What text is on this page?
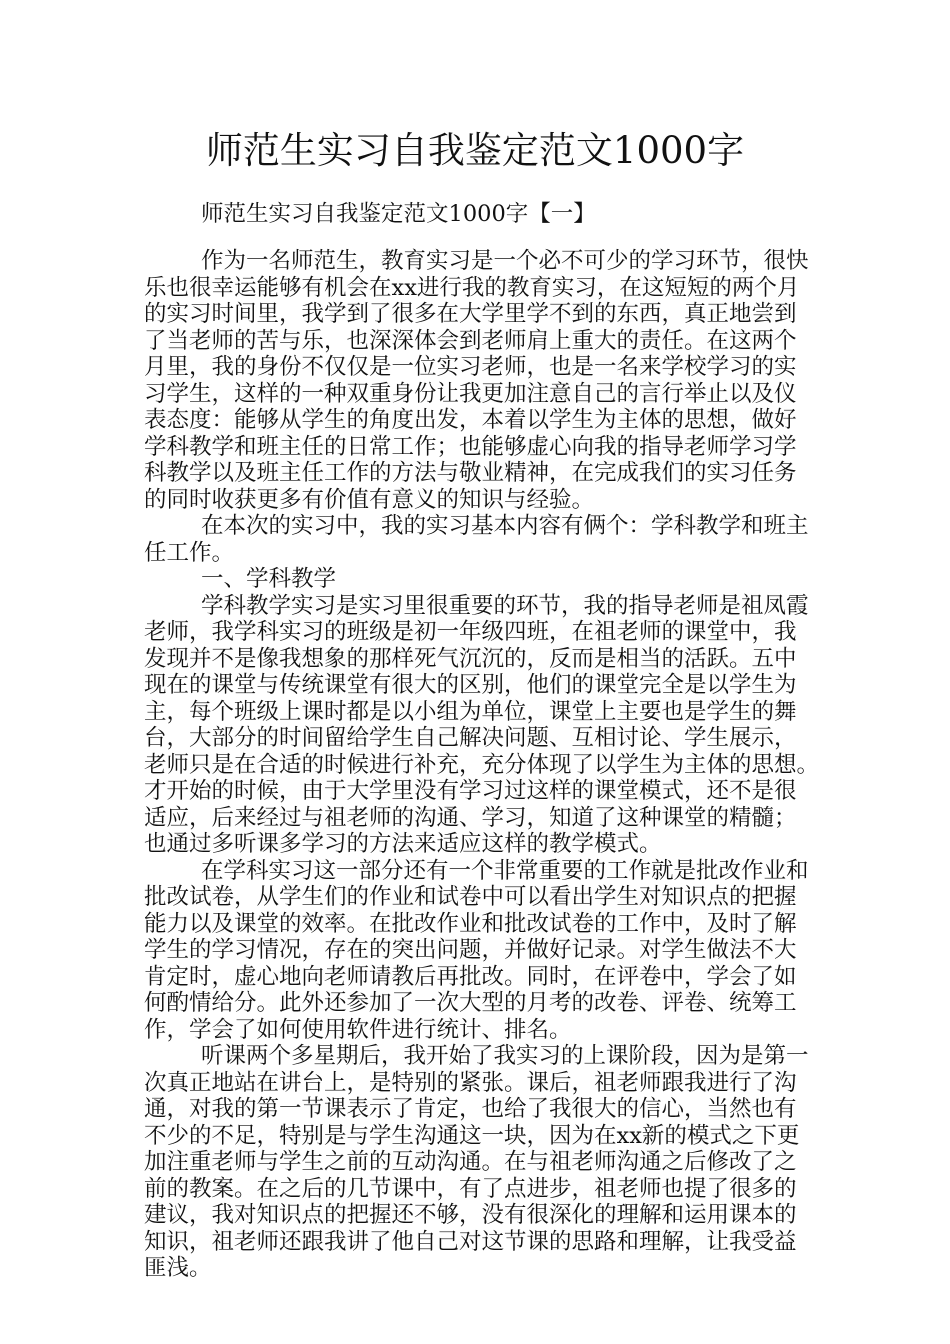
师范生实习自我鉴定范文1000字
师范生实习自我鉴定范文1000字【一】
作为一名师范生，教育实习是一个必不可少的学习环节，很快
乐也很幸运能够有机会在xx进行我的教育实习，在这短短的两个月
的实习时间里，我学到了很多在大学里学不到的东西，真正地尝到
了当老师的苦与乐，也深深体会到老师肩上重大的责任。在这两个
月里，我的身份不仅仅是一位实习老师，也是一名来学校学习的实
习学生，这样的一种双重身份让我更加注意自己的言行举止以及仪
表态度：能够从学生的角度出发，本着以学生为主体的思想，做好
学科教学和班主任的日常工作；也能够虚心向我的指导老师学习学
科教学以及班主任工作的方法与敬业精神，在完成我们的实习任务
的同时收获更多有价值有意义的知识与经验。
在本次的实习中，我的实习基本内容有俩个：学科教学和班主
任工作。
一、学科教学
学科教学实习是实习里很重要的环节，我的指导老师是祖凤霞
老师，我学科实习的班级是初一年级四班，在祖老师的课堂中，我
发现并不是像我想象的那样死气沉沉的，反而是相当的活跃。五中
现在的课堂与传统课堂有很大的区别，他们的课堂完全是以学生为
主，每个班级上课时都是以小组为单位，课堂上主要也是学生的舞
台，大部分的时间留给学生自己解决问题、互相讨论、学生展示，
老师只是在合适的时候进行补充，充分体现了以学生为主体的思想。
才开始的时候，由于大学里没有学习过这样的课堂模式，还不是很
适应，后来经过与祖老师的沟通、学习，知道了这种课堂的精髓；
也通过多听课多学习的方法来适应这样的教学模式。
在学科实习这一部分还有一个非常重要的工作就是批改作业和
批改试卷，从学生们的作业和试卷中可以看出学生对知识点的把握
能力以及课堂的效率。在批改作业和批改试卷的工作中，及时了解
学生的学习情况，存在的突出问题，并做好记录。对学生做法不大
肯定时，虚心地向老师请教后再批改。同时，在评卷中，学会了如
何酌情给分。此外还参加了一次大型的月考的改卷、评卷、统筹工
作，学会了如何使用软件进行统计、排名。
听课两个多星期后，我开始了我实习的上课阶段，因为是第一
次真正地站在讲台上，是特别的紧张。课后，祖老师跟我进行了沟
通，对我的第一节课表示了肯定，也给了我很大的信心，当然也有
不少的不足，特别是与学生沟通这一块，因为在xx新的模式之下更
加注重老师与学生之前的互动沟通。在与祖老师沟通之后修改了之
前的教案。在之后的几节课中，有了点进步，祖老师也提了很多的
建议，我对知识点的把握还不够，没有很深化的理解和运用课本的
知识，祖老师还跟我讲了他自己对这节课的思路和理解，让我受益
匪浅。
